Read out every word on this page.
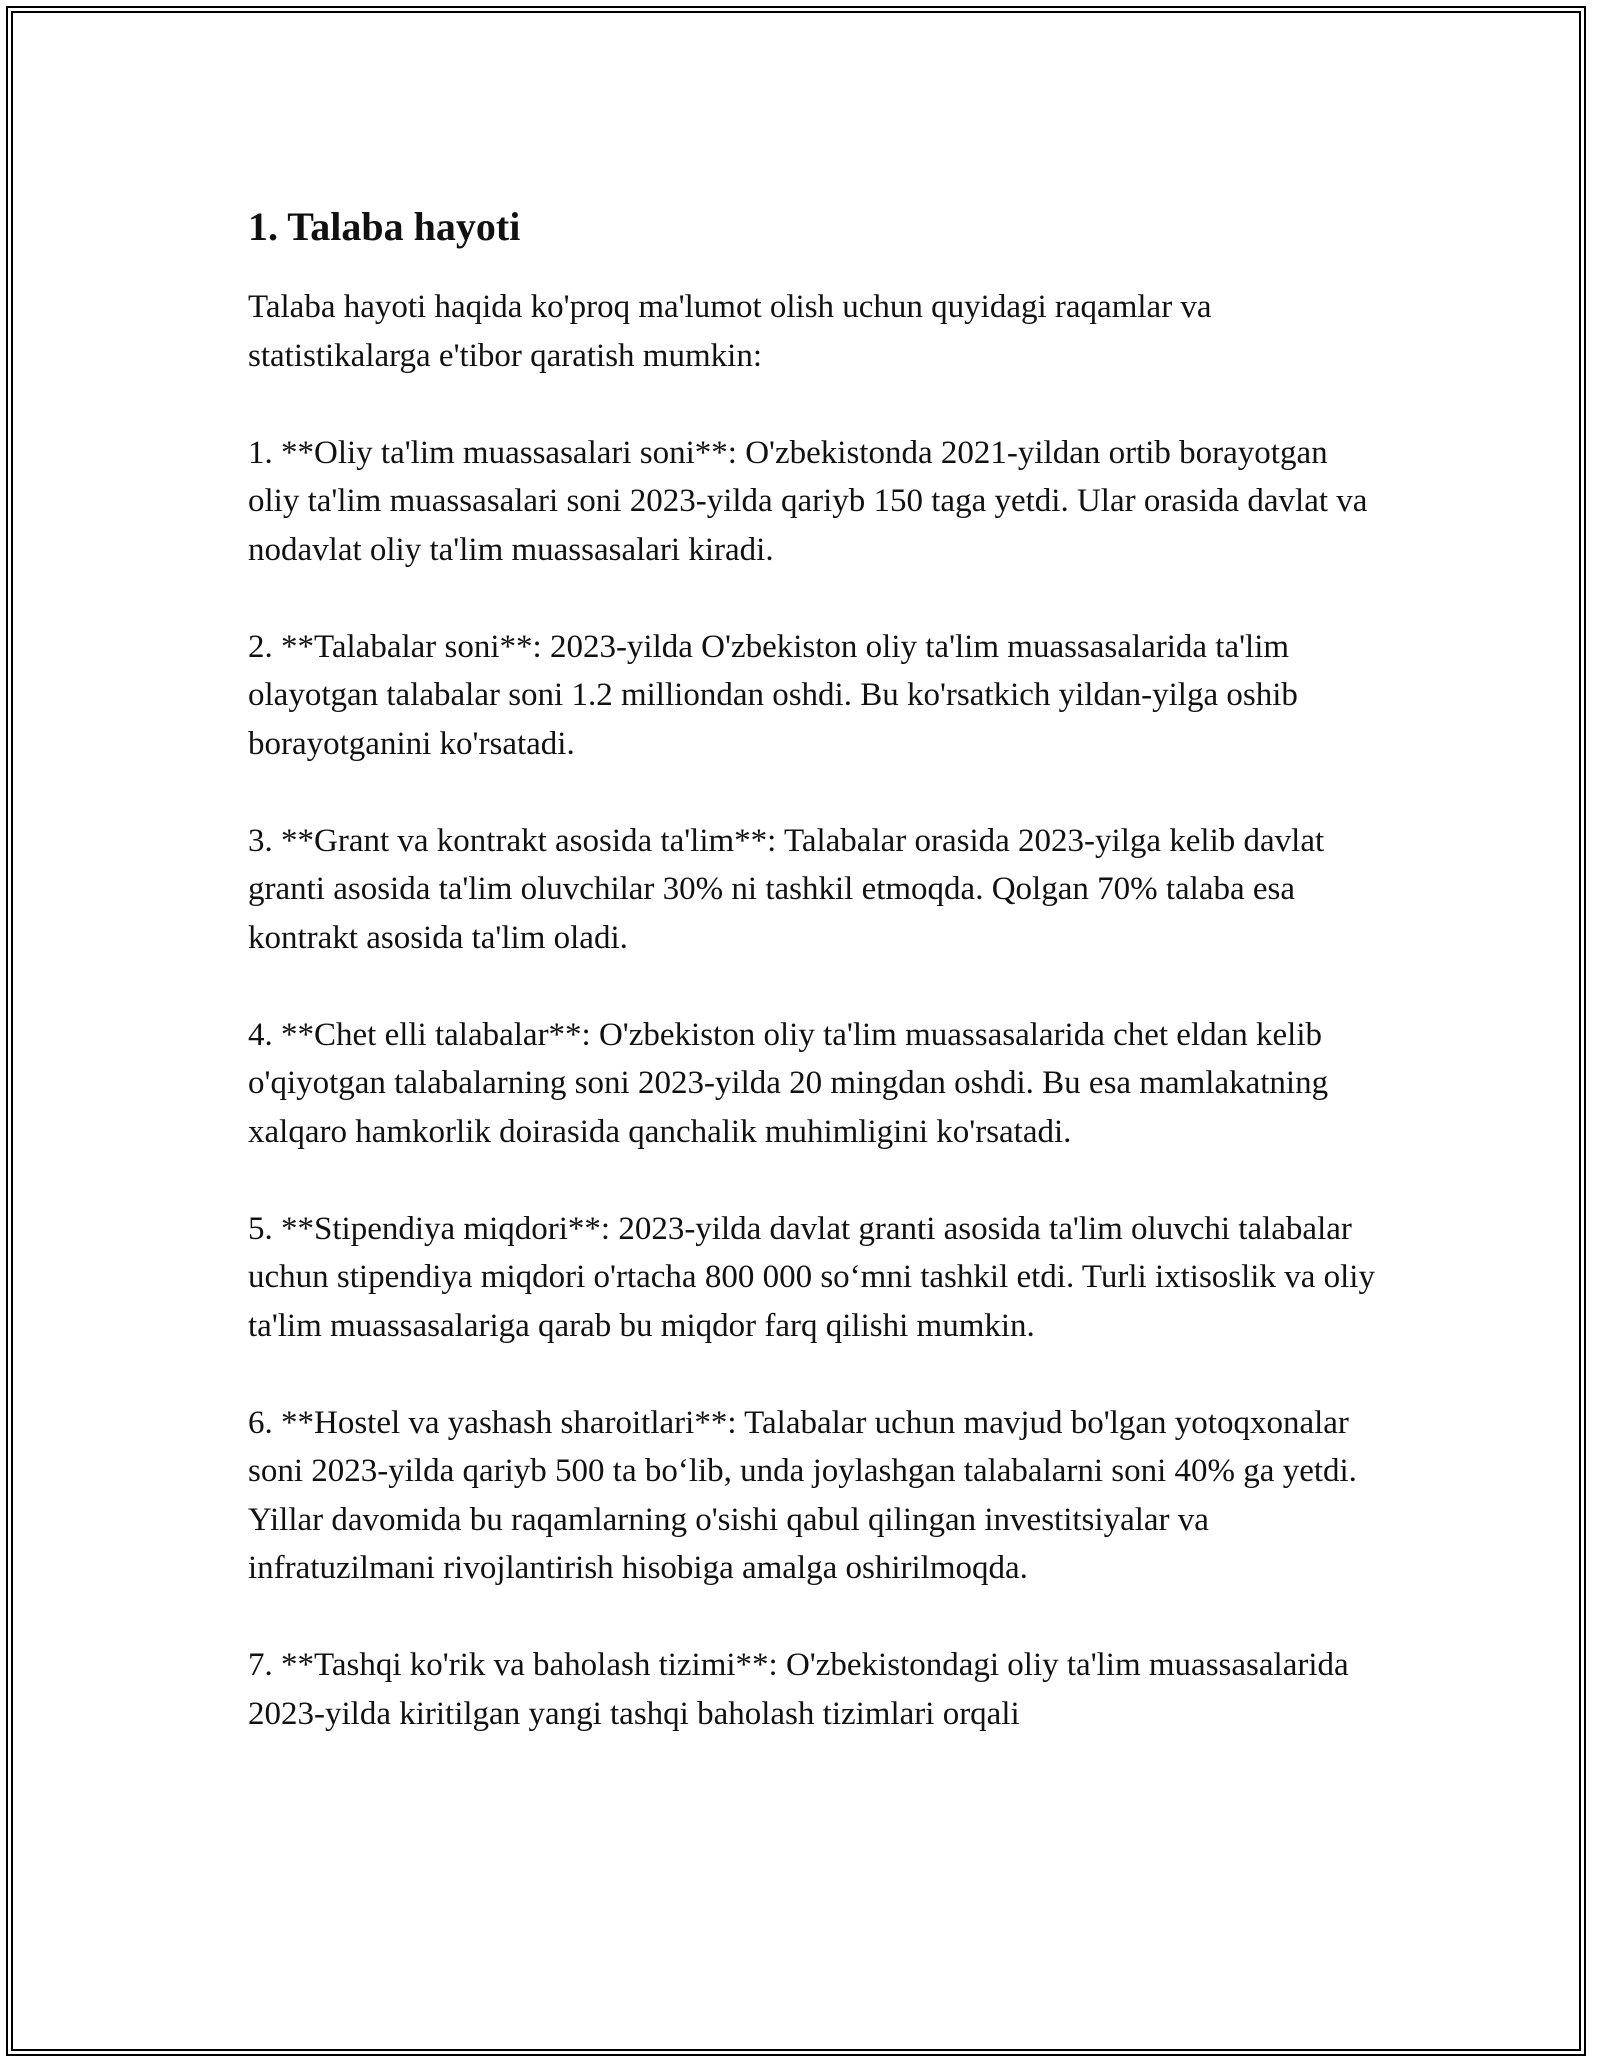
1. Talaba hayoti

Talaba hayoti haqida ko'proq ma'lumot olish uchun quyidagi raqamlar va statistikalarga e'tibor qaratish mumkin:

1. **Oliy ta'lim muassasalari soni**: O'zbekistonda 2021-yildan ortib borayotgan oliy ta'lim muassasalari soni 2023-yilda qariyb 150 taga yetdi. Ular orasida davlat va nodavlat oliy ta'lim muassasalari kiradi.

2. **Talabalar soni**: 2023-yilda O'zbekiston oliy ta'lim muassasalarida ta'lim olayotgan talabalar soni 1.2 milliondan oshdi. Bu ko'rsatkich yildan-yilga oshib borayotganini ko'rsatadi.

3. **Grant va kontrakt asosida ta'lim**: Talabalar orasida 2023-yilga kelib davlat granti asosida ta'lim oluvchilar 30% ni tashkil etmoqda. Qolgan 70% talaba esa kontrakt asosida ta'lim oladi.

4. **Chet elli talabalar**: O'zbekiston oliy ta'lim muassasalarida chet eldan kelib o'qiyotgan talabalarning soni 2023-yilda 20 mingdan oshdi. Bu esa mamlakatning xalqaro hamkorlik doirasida qanchalik muhimligini ko'rsatadi.

5. **Stipendiya miqdori**: 2023-yilda davlat granti asosida ta'lim oluvchi talabalar uchun stipendiya miqdori o'rtacha 800 000 so‘mni tashkil etdi. Turli ixtisoslik va oliy ta'lim muassasalariga qarab bu miqdor farq qilishi mumkin.

6. **Hostel va yashash sharoitlari**: Talabalar uchun mavjud bo'lgan yotoqxonalar soni 2023-yilda qariyb 500 ta bo‘lib, unda joylashgan talabalarni soni 40% ga yetdi. Yillar davomida bu raqamlarning o'sishi qabul qilingan investitsiyalar va infratuzilmani rivojlantirish hisobiga amalga oshirilmoqda.

7. **Tashqi ko'rik va baholash tizimi**: O'zbekistondagi oliy ta'lim muassasalarida 2023-yilda kiritilgan yangi tashqi baholash tizimlari orqali
